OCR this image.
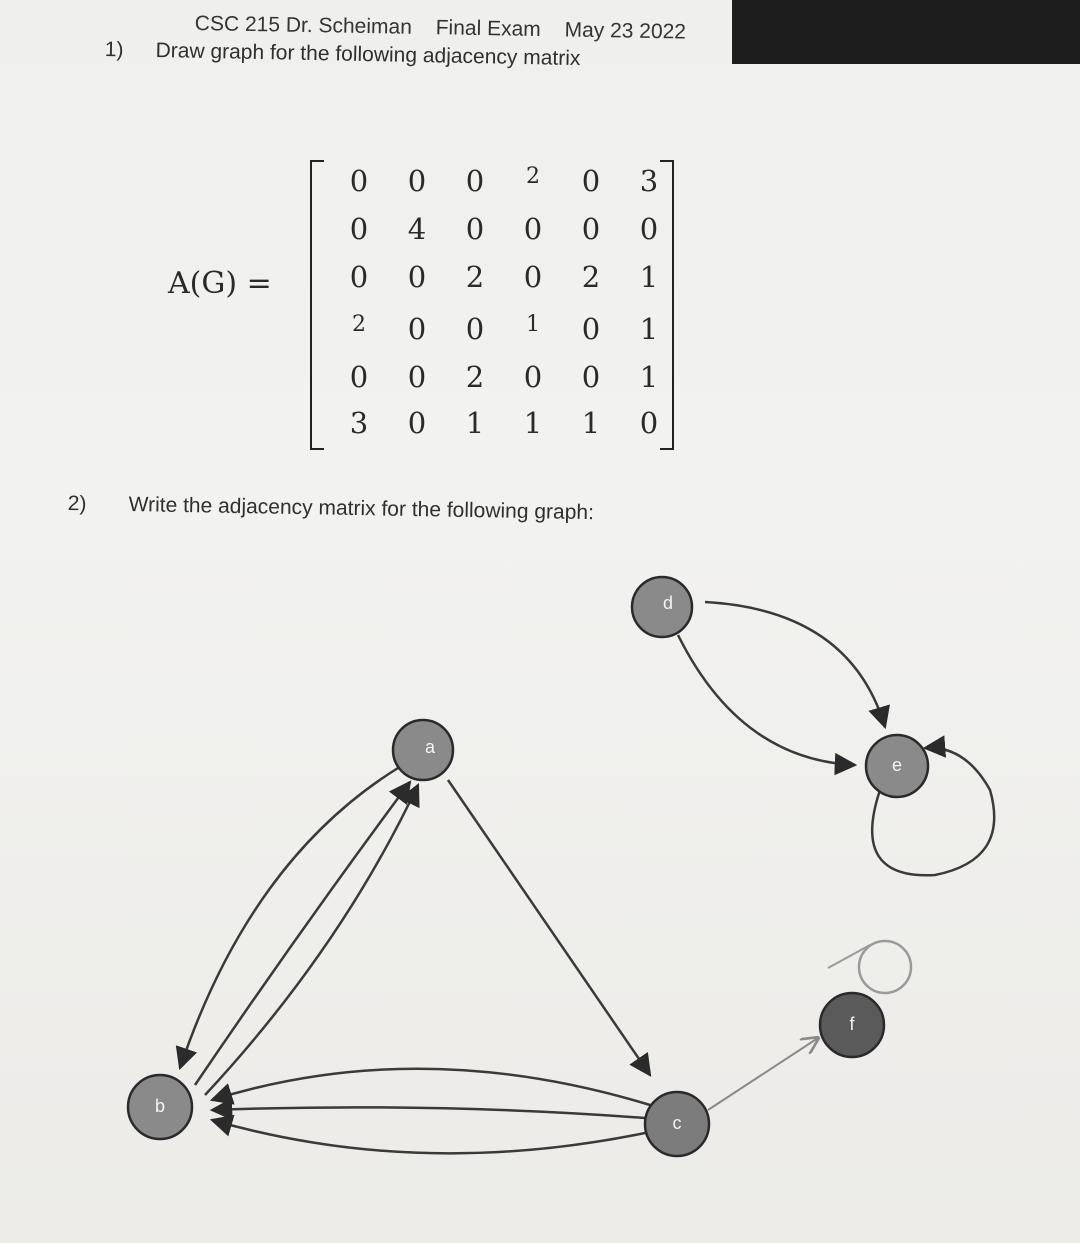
CSC 215 Dr. Scheiman Final Exam May 23 2022
1) Draw graph for the following adjacency matrix
A(G) =
0	0	0	2	0	3
0	4	0	0	0	0
0	0	2	0	2	1
2	0	0	1	0	1
0	0	2	0	0	1
3	0	1	1	1	0
2) Write the adjacency matrix for the following graph:
a
b
c
d
e
f
